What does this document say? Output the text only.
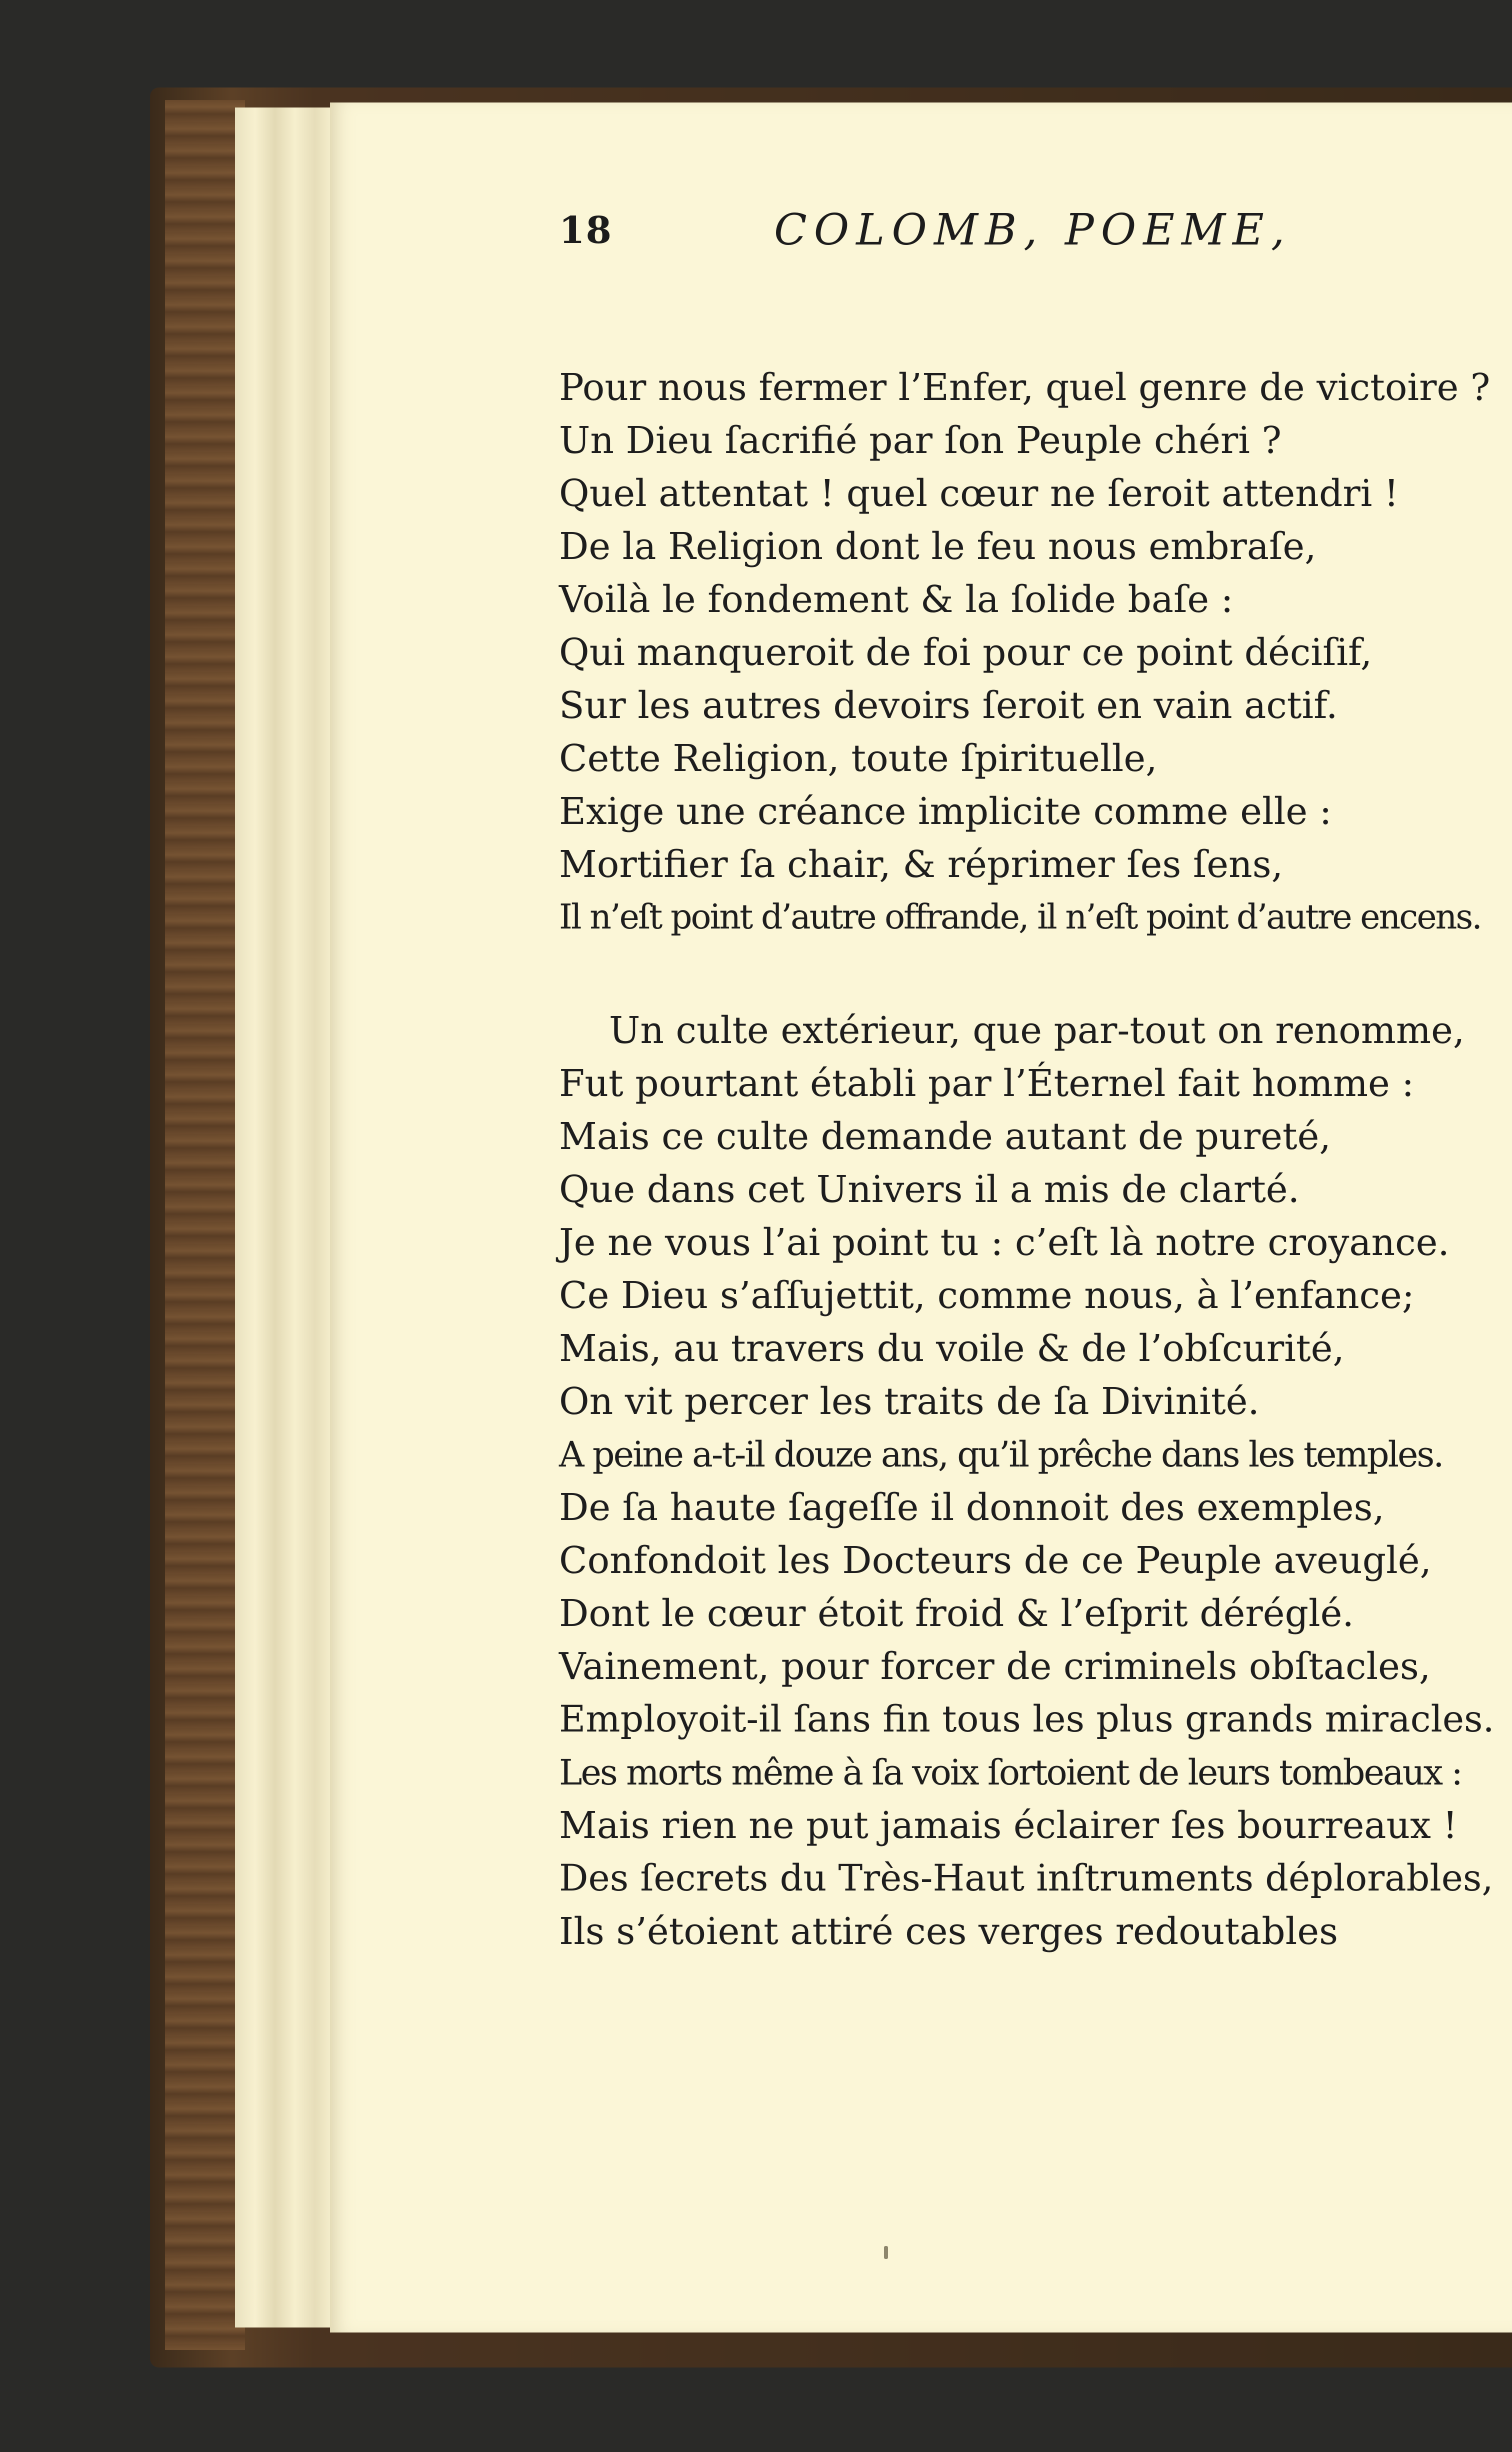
18	COLOMB, POEME,
Pour nous fermer l’Enfer, quel genre de victoire ?
Un Dieu ſacrifié par ſon Peuple chéri ?
Quel attentat ! quel cœur ne ſeroit attendri !
De la Religion dont le feu nous embraſe,
Voilà le fondement & la ſolide baſe :
Qui manqueroit de foi pour ce point déciſif,
Sur les autres devoirs ſeroit en vain actif.
Cette Religion, toute ſpirituelle,
Exige une créance implicite comme elle :
Mortifier ſa chair, & réprimer ſes ſens,
Il n’eſt point d’autre offrande, il n’eſt point d’autre encens.
Un culte extérieur, que par-tout on renomme,
Fut pourtant établi par l’Éternel fait homme :
Mais ce culte demande autant de pureté,
Que dans cet Univers il a mis de clarté.
Je ne vous l’ai point tu : c’eſt là notre croyance.
Ce Dieu s’aſſujettit, comme nous, à l’enfance;
Mais, au travers du voile & de l’obſcurité,
On vit percer les traits de ſa Divinité.
A peine a-t-il douze ans, qu’il prêche dans les temples.
De ſa haute ſageſſe il donnoit des exemples,
Confondoit les Docteurs de ce Peuple aveuglé,
Dont le cœur étoit froid & l’eſprit déréglé.
Vainement, pour forcer de criminels obſtacles,
Employoit-il ſans fin tous les plus grands miracles.
Les morts même à ſa voix ſortoient de leurs tombeaux :
Mais rien ne put jamais éclairer ſes bourreaux !
Des ſecrets du Très-Haut inſtruments déplorables,
Ils s’étoient attiré ces verges redoutables
